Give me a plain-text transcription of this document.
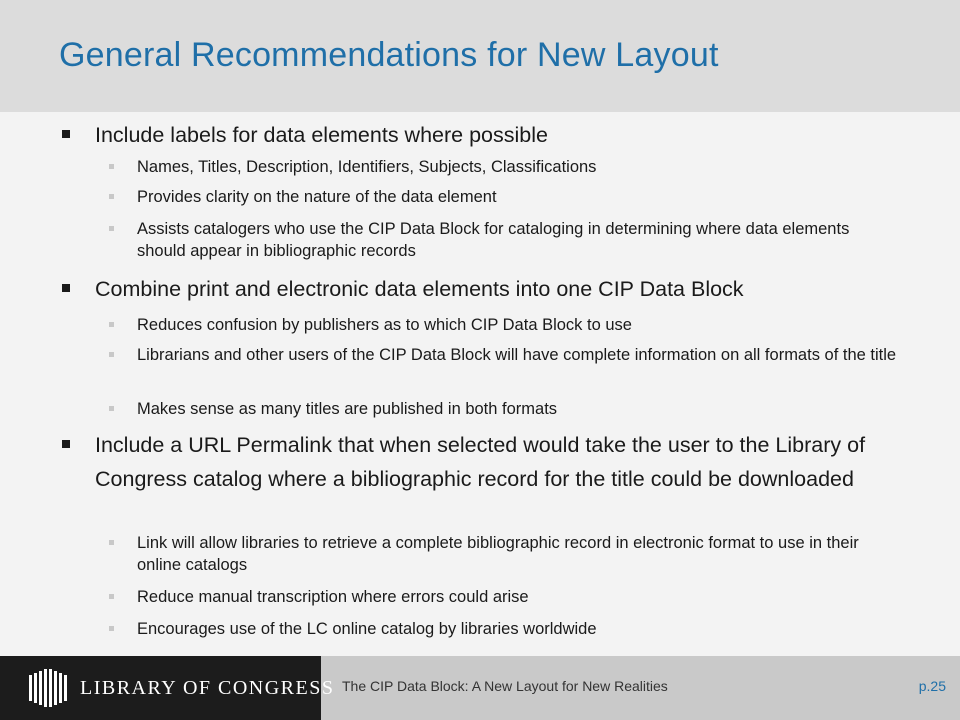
General Recommendations for New Layout

Include labels for data elements where possible

Names, Titles, Description, Identifiers, Subjects, Classifications

Provides clarity on the nature of the data element

Assists catalogers who use the CIP Data Block for cataloging in determining where data elements should appear in bibliographic records

Combine print and electronic data elements into one CIP Data Block

Reduces confusion by publishers as to which CIP Data Block to use

Librarians and other users of the CIP Data Block will have complete information on all formats of the title

Makes sense as many titles are published in both formats

Include a URL Permalink that when selected would take the user to the Library of Congress catalog where a bibliographic record for the title could be downloaded

Link will allow libraries to retrieve a complete bibliographic record in electronic format to use in their online catalogs

Reduce manual transcription where errors could arise

Encourages use of the LC online catalog by libraries worldwide

LIBRARY OF CONGRESS The CIP Data Block: A New Layout for New Realities	p.25
